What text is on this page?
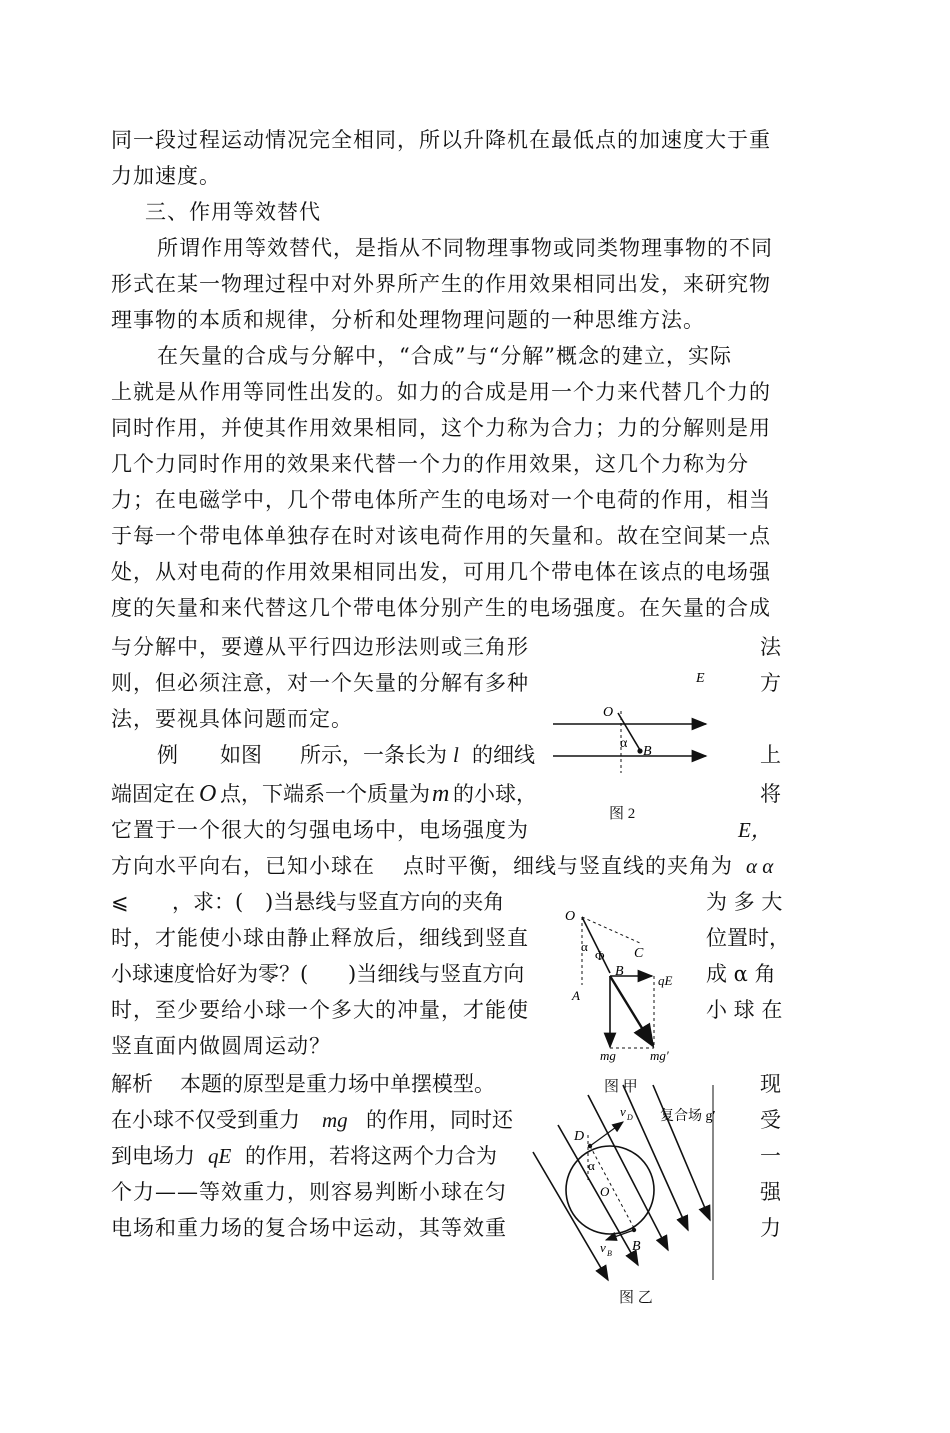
同一段过程运动情况完全相同，所以升降机在最低点的加速度大于重
力加速度。
三、作用等效替代
所谓作用等效替代，是指从不同物理事物或同类物理事物的不同
形式在某一物理过程中对外界所产生的作用效果相同出发，来研究物
理事物的本质和规律，分析和处理物理问题的一种思维方法。
在矢量的合成与分解中，“合成”与“分解”概念的建立，实际
上就是从作用等同性出发的。如力的合成是用一个力来代替几个力的
同时作用，并使其作用效果相同，这个力称为合力；力的分解则是用
几个力同时作用的效果来代替一个力的作用效果，这几个力称为分
力；在电磁学中，几个带电体所产生的电场对一个电荷的作用，相当
于每一个带电体单独存在时对该电荷作用的矢量和。故在空间某一点
处，从对电荷的作用效果相同出发，可用几个带电体在该点的电场强
度的矢量和来代替这几个带电体分别产生的电场强度。在矢量的合成
与分解中，要遵从平行四边形法则或三角形	法
则，但必须注意，对一个矢量的分解有多种	方
法，要视具体问题而定。
例 如图 所示，一条长为 l 的细线	上
端固定在 O 点，下端系一个质量为 m 的小球，	将
它置于一个很大的匀强电场中，电场强度为	E，
方向水平向右，已知小球在 点时平衡，细线与竖直线的夹角为 α α
⩽ ，求：( )当悬线与竖直方向的夹角	为 多 大
时，才能使小球由静止释放后，细线到竖直	位置时，
小球速度恰好为零？( )当细线与竖直方向	成 α 角
时，至少要给小球一个多大的冲量，才能使	小 球 在
竖直面内做圆周运动？
解析 本题的原型是重力场中单摆模型。	现
在小球不仅受到重力 mg 的作用，同时还	受
到电场力 qE 的作用，若将这两个力合为	一
个力——等效重力，则容易判断小球在匀	强
电场和重力场的复合场中运动，其等效重	力
E
O
α
B
图 2
O
α
Φ C
B
qE
A
mg	mg′
图 甲
复合场 g′
v D
D
α
O
B
v B
图 乙
